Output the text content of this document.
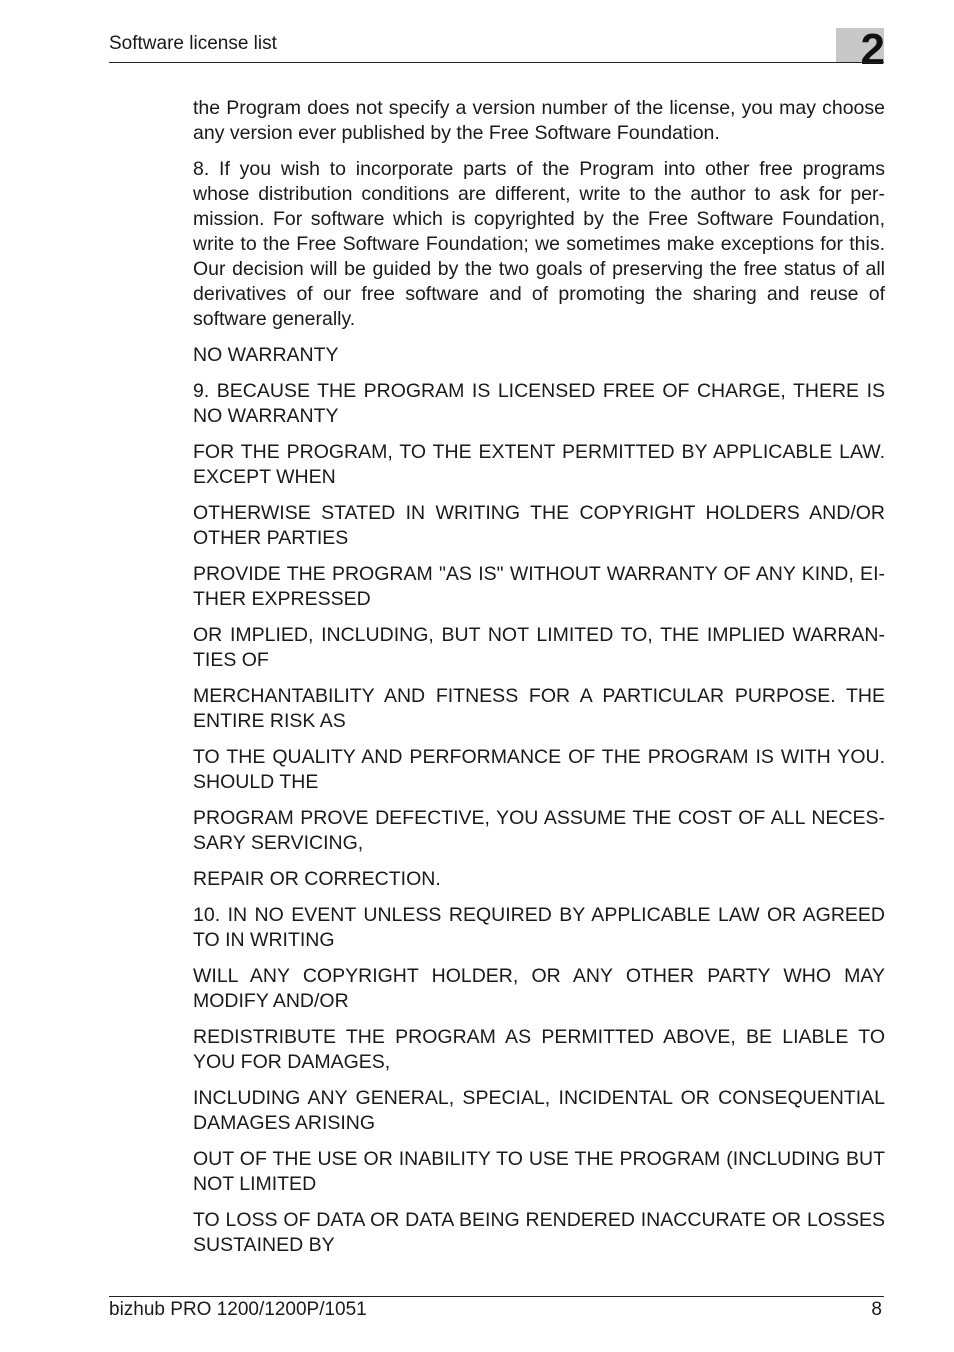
Software license list	2

the Program does not specify a version number of the license, you may choose any version ever published by the Free Software Foundation.

8. If you wish to incorporate parts of the Program into other free programs whose distribution conditions are different, write to the author to ask for permission. For software which is copyrighted by the Free Software Foundation, write to the Free Software Foundation; we sometimes make exceptions for this. Our decision will be guided by the two goals of preserving the free status of all derivatives of our free software and of promoting the sharing and reuse of software generally.

NO WARRANTY

9. BECAUSE THE PROGRAM IS LICENSED FREE OF CHARGE, THERE IS NO WARRANTY

FOR THE PROGRAM, TO THE EXTENT PERMITTED BY APPLICABLE LAW. EXCEPT WHEN

OTHERWISE STATED IN WRITING THE COPYRIGHT HOLDERS AND/OR OTHER PARTIES

PROVIDE THE PROGRAM "AS IS" WITHOUT WARRANTY OF ANY KIND, EITHER EXPRESSED

OR IMPLIED, INCLUDING, BUT NOT LIMITED TO, THE IMPLIED WARRANTIES OF

MERCHANTABILITY AND FITNESS FOR A PARTICULAR PURPOSE. THE ENTIRE RISK AS

TO THE QUALITY AND PERFORMANCE OF THE PROGRAM IS WITH YOU. SHOULD THE

PROGRAM PROVE DEFECTIVE, YOU ASSUME THE COST OF ALL NECESSARY SERVICING,

REPAIR OR CORRECTION.

10. IN NO EVENT UNLESS REQUIRED BY APPLICABLE LAW OR AGREED TO IN WRITING

WILL ANY COPYRIGHT HOLDER, OR ANY OTHER PARTY WHO MAY MODIFY AND/OR

REDISTRIBUTE THE PROGRAM AS PERMITTED ABOVE, BE LIABLE TO YOU FOR DAMAGES,

INCLUDING ANY GENERAL, SPECIAL, INCIDENTAL OR CONSEQUENTIAL DAMAGES ARISING

OUT OF THE USE OR INABILITY TO USE THE PROGRAM (INCLUDING BUT NOT LIMITED

TO LOSS OF DATA OR DATA BEING RENDERED INACCURATE OR LOSSES SUSTAINED BY

bizhub PRO 1200/1200P/1051	8
